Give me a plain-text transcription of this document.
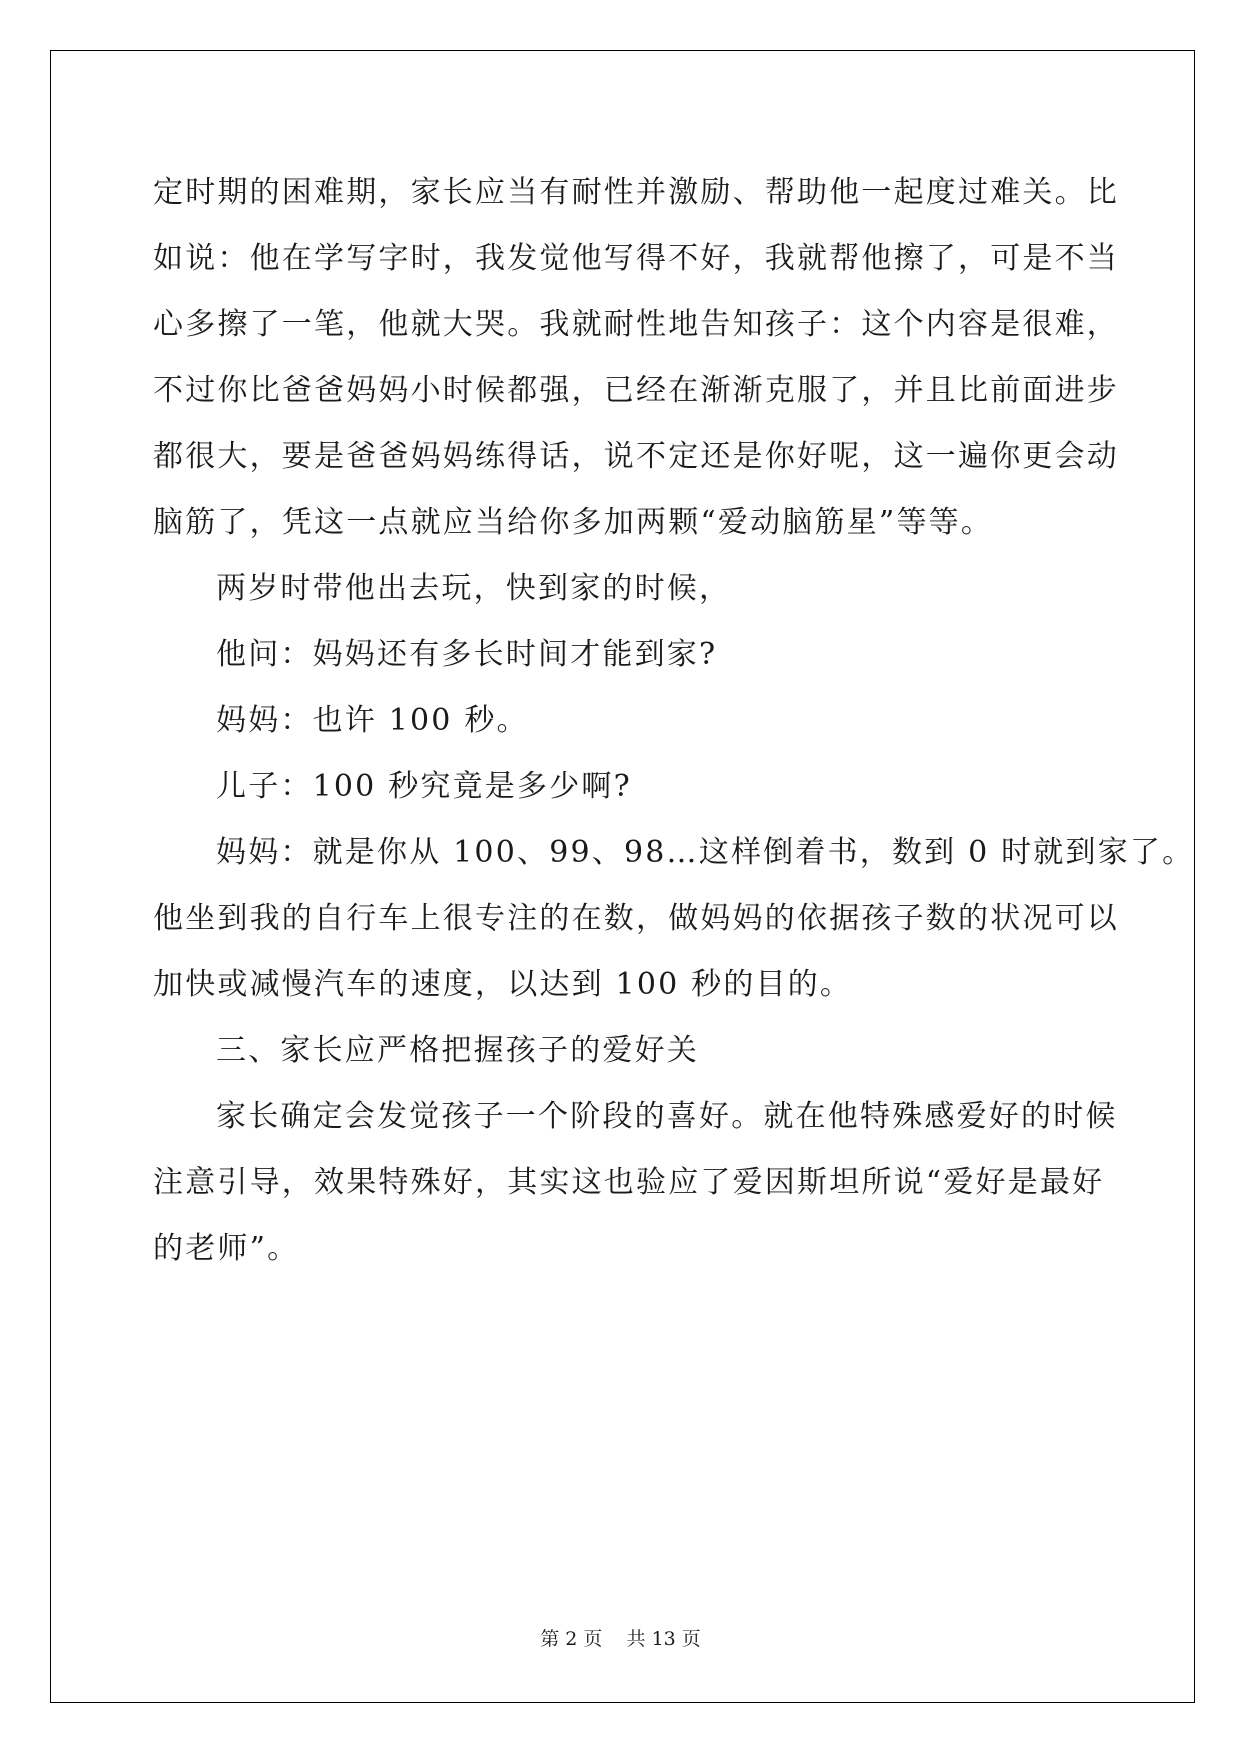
定时期的困难期，家长应当有耐性并激励、帮助他一起度过难关。比
如说：他在学写字时，我发觉他写得不好，我就帮他擦了，可是不当
心多擦了一笔，他就大哭。我就耐性地告知孩子：这个内容是很难，
不过你比爸爸妈妈小时候都强，已经在渐渐克服了，并且比前面进步
都很大，要是爸爸妈妈练得话，说不定还是你好呢，这一遍你更会动
脑筋了，凭这一点就应当给你多加两颗“爱动脑筋星”等等。
两岁时带他出去玩，快到家的时候，
他问：妈妈还有多长时间才能到家?
妈妈：也许 100 秒。
儿子：100 秒究竟是多少啊?
妈妈：就是你从 100、99、98…这样倒着书，数到 0 时就到家了。
他坐到我的自行车上很专注的在数，做妈妈的依据孩子数的状况可以
加快或减慢汽车的速度，以达到 100 秒的目的。
三、家长应严格把握孩子的爱好关
家长确定会发觉孩子一个阶段的喜好。就在他特殊感爱好的时候
注意引导，效果特殊好，其实这也验应了爱因斯坦所说“爱好是最好
的老师”。
第 2 页 共 13 页
